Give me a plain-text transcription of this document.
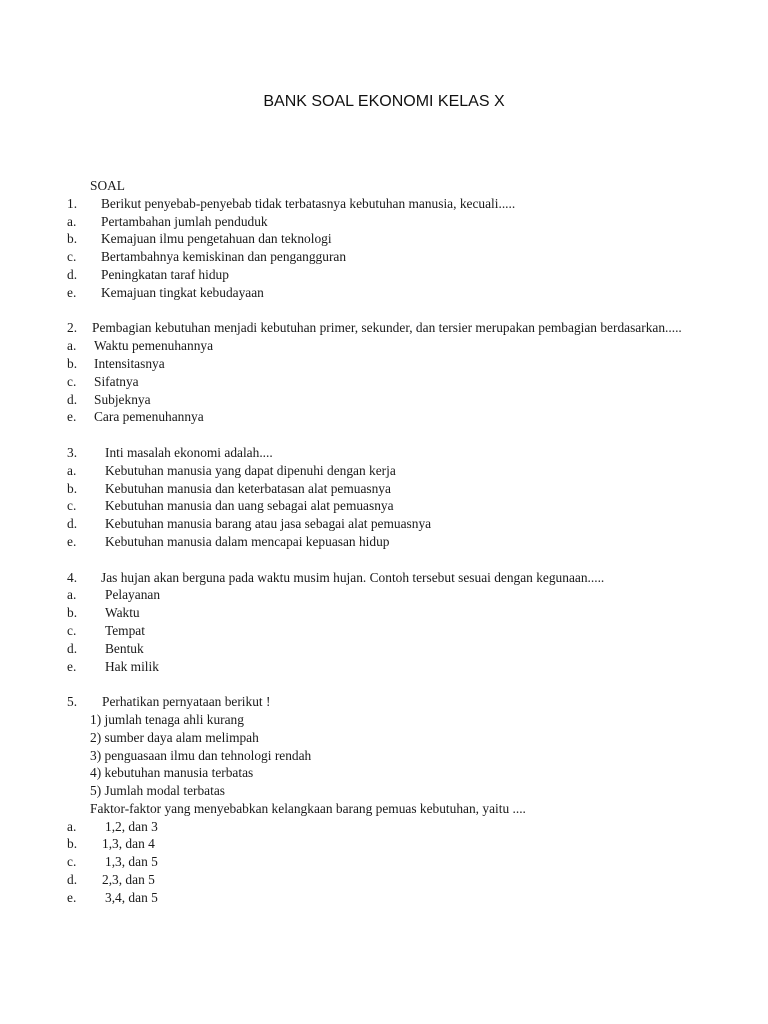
BANK SOAL EKONOMI KELAS X
SOAL
1. Berikut penyebab-penyebab tidak terbatasnya kebutuhan manusia, kecuali.....
a. Pertambahan jumlah penduduk
b. Kemajuan ilmu pengetahuan dan teknologi
c. Bertambahnya kemiskinan dan pengangguran
d. Peningkatan taraf hidup
e. Kemajuan tingkat kebudayaan
2.	Pembagian kebutuhan menjadi kebutuhan primer, sekunder, dan tersier merupakan pembagian berdasarkan.....
a. Waktu pemenuhannya
b. Intensitasnya
c. Sifatnya
d. Subjeknya
e. Cara pemenuhannya
3. Inti masalah ekonomi adalah....
a. Kebutuhan manusia yang dapat dipenuhi dengan kerja
b. Kebutuhan manusia dan keterbatasan alat pemuasnya
c. Kebutuhan manusia dan uang sebagai alat pemuasnya
d. Kebutuhan manusia barang atau jasa sebagai alat pemuasnya
e. Kebutuhan manusia dalam mencapai kepuasan hidup
4. Jas hujan akan berguna pada waktu musim hujan. Contoh tersebut sesuai dengan kegunaan.....
a. Pelayanan
b. Waktu
c. Tempat
d. Bentuk
e. Hak milik
5. Perhatikan pernyataan berikut !
1) jumlah tenaga ahli kurang
2) sumber daya alam melimpah
3) penguasaan ilmu dan tehnologi rendah
4) kebutuhan manusia terbatas
5) Jumlah modal terbatas
Faktor-faktor yang menyebabkan kelangkaan barang pemuas kebutuhan, yaitu ....
a. 1,2, dan 3
b. 1,3, dan 4
c. 1,3, dan 5
d. 2,3, dan 5
e. 3,4, dan 5
